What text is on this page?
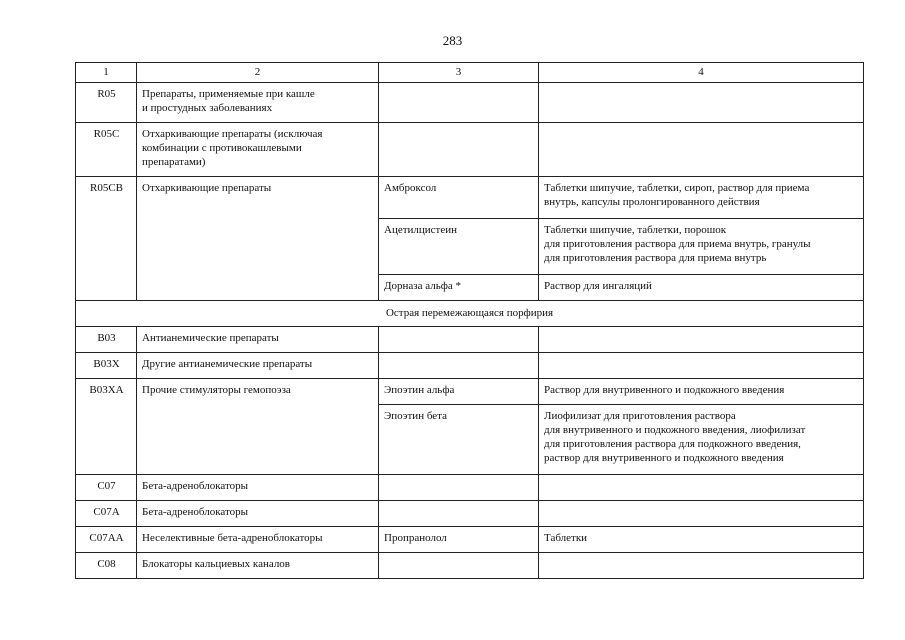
283
1	2	3	4
R05	Препараты, применяемые при кашле
и простудных заболеваниях		
R05C	Отхаркивающие препараты (исключая
комбинации с противокашлевыми
препаратами)		
R05CB	Отхаркивающие препараты	Амброксол	Таблетки шипучие, таблетки, сироп, раствор для приема
внутрь, капсулы пролонгированного действия
		Ацетилцистеин	Таблетки шипучие, таблетки, порошок
для приготовления раствора для приема внутрь, гранулы
для приготовления раствора для приема внутрь
		Дорназа альфа *	Раствор для ингаляций
Острая перемежающаяся порфирия			
B03	Антианемические препараты		
B03X	Другие антианемические препараты		
B03XA	Прочие стимуляторы гемопоэза	Эпоэтин альфа	Раствор для внутривенного и подкожного введения
		Эпоэтин бета	Лиофилизат для приготовления раствора
для внутривенного и подкожного введения, лиофилизат
для приготовления раствора для подкожного введения,
раствор для внутривенного и подкожного введения
C07	Бета-адреноблокаторы		
C07A	Бета-адреноблокаторы		
C07AA	Неселективные бета-адреноблокаторы	Пропранолол	Таблетки
C08	Блокаторы кальциевых каналов		
